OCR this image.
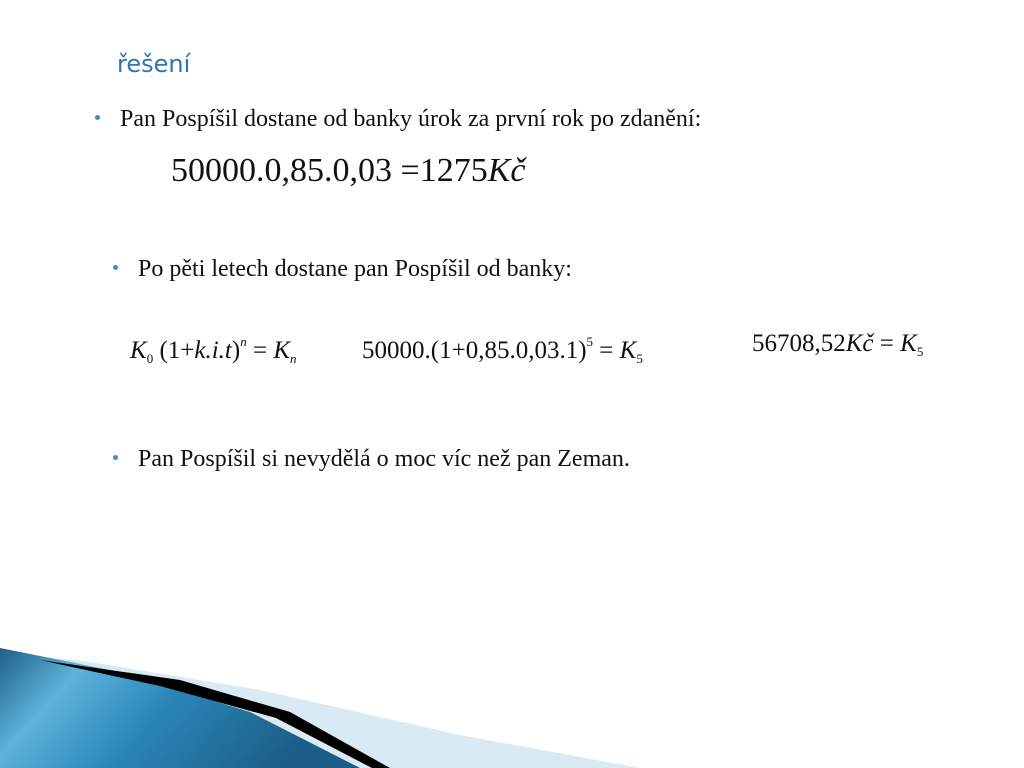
řešení
Pan Pospíšil dostane od banky úrok za první rok po zdanění:
50000.0,85.0,03 =1275Kč
Po pěti letech dostane pan Pospíšil od banky:
$K_0$ $(1+k.i.t)^n = K_n$	$50000.(1+0,85.0,03.1)^5 = K_5$
56708,52Kč = $K_5$
Pan Pospíšil si nevydělá o moc víc než pan Zeman.
